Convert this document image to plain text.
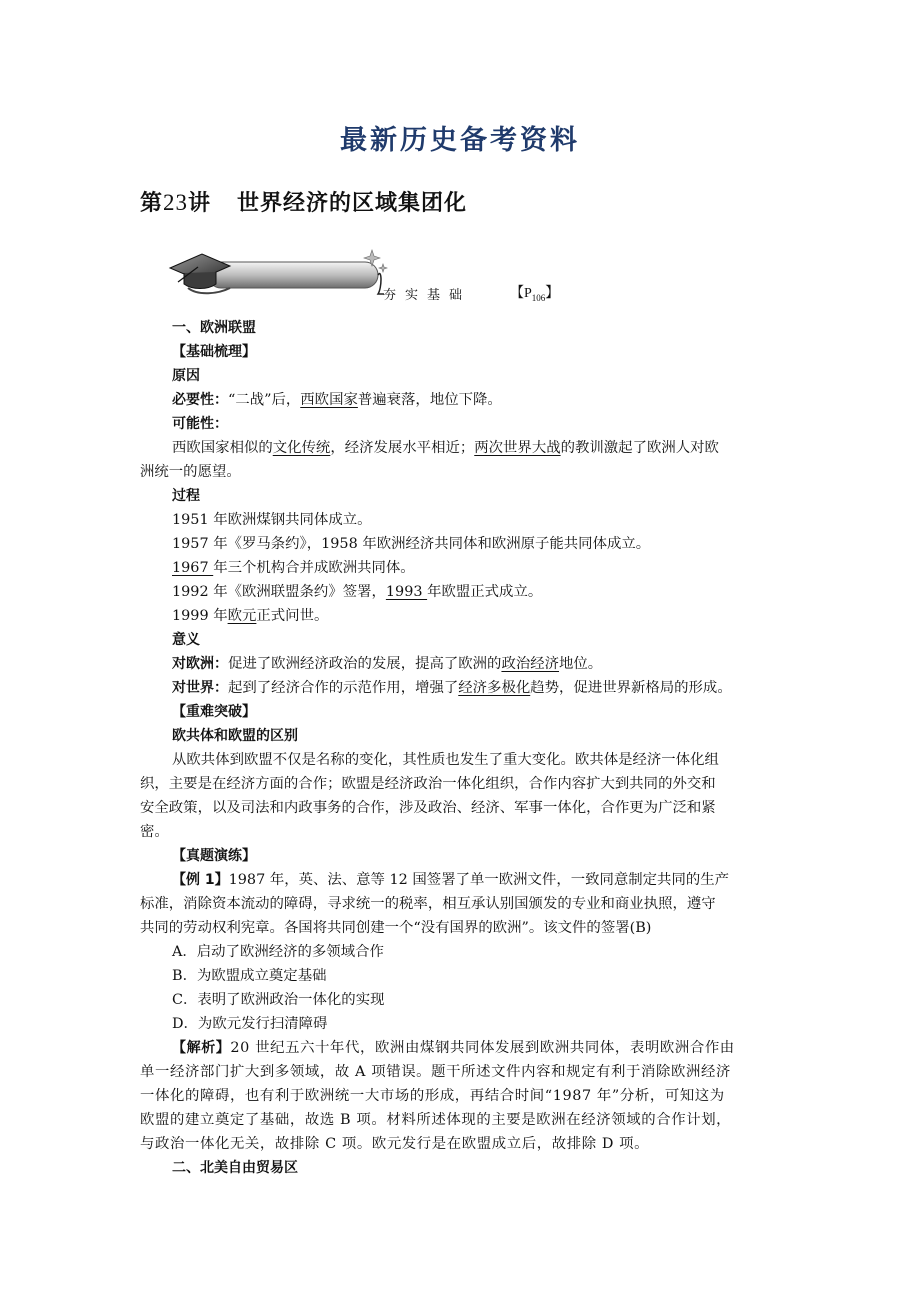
最新历史备考资料
第23讲 世界经济的区域集团化
夯实基础	【$P_{106}$】

一、欧洲联盟

【基础梳理】

原因

必要性：“二战”后，西欧国家普遍衰落，地位下降。

可能性：

西欧国家相似的文化传统，经济发展水平相近；两次世界大战的教训激起了欧洲人对欧

洲统一的愿望。

过程

1951 年欧洲煤钢共同体成立。

1957 年《罗马条约》，1958 年欧洲经济共同体和欧洲原子能共同体成立。

1967 年三个机构合并成欧洲共同体。

1992 年《欧洲联盟条约》签署，1993 年欧盟正式成立。

1999 年欧元正式问世。

意义

对欧洲：促进了欧洲经济政治的发展，提高了欧洲的政治经济地位。

对世界：起到了经济合作的示范作用，增强了经济多极化趋势，促进世界新格局的形成。

【重难突破】

欧共体和欧盟的区别

从欧共体到欧盟不仅是名称的变化，其性质也发生了重大变化。欧共体是经济一体化组

织，主要是在经济方面的合作；欧盟是经济政治一体化组织，合作内容扩大到共同的外交和

安全政策，以及司法和内政事务的合作，涉及政治、经济、军事一体化，合作更为广泛和紧

密。

【真题演练】

【例 1】1987 年，英、法、意等 12 国签署了单一欧洲文件，一致同意制定共同的生产

标准，消除资本流动的障碍，寻求统一的税率，相互承认别国颁发的专业和商业执照，遵守

共同的劳动权利宪章。各国将共同创建一个“没有国界的欧洲”。该文件的签署(B)

A．启动了欧洲经济的多领域合作

B．为欧盟成立奠定基础

C．表明了欧洲政治一体化的实现

D．为欧元发行扫清障碍

【解析】20 世纪五六十年代，欧洲由煤钢共同体发展到欧洲共同体，表明欧洲合作由

单一经济部门扩大到多领域，故 A 项错误。题干所述文件内容和规定有利于消除欧洲经济

一体化的障碍，也有利于欧洲统一大市场的形成，再结合时间“1987 年”分析，可知这为

欧盟的建立奠定了基础，故选 B 项。材料所述体现的主要是欧洲在经济领域的合作计划，

与政治一体化无关，故排除 C 项。欧元发行是在欧盟成立后，故排除 D 项。

二、北美自由贸易区
